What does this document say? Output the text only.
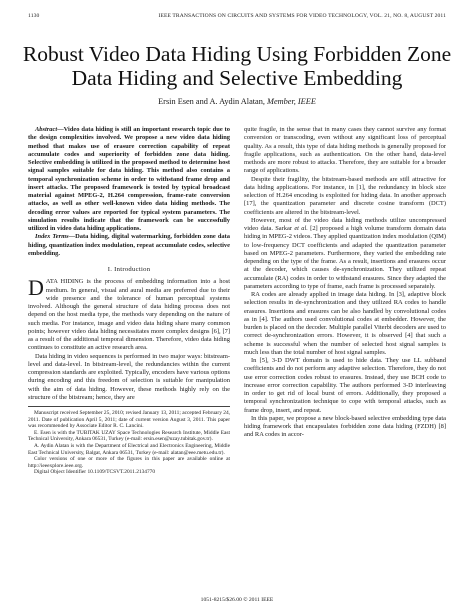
1130	IEEE TRANSACTIONS ON CIRCUITS AND SYSTEMS FOR VIDEO TECHNOLOGY, VOL. 21, NO. 8, AUGUST 2011
Robust Video Data Hiding Using Forbidden Zone
Data Hiding and Selective Embedding
Ersin Esen and A. Aydin Alatan, Member, IEEE

Abstract—Video data hiding is still an important research topic due to the design complexities involved. We propose a new video data hiding method that makes use of erasure correction capability of repeat accumulate codes and superiority of forbidden zone data hiding. Selective embedding is utilized in the proposed method to determine host signal samples suitable for data hiding. This method also contains a temporal synchronization scheme in order to withstand frame drop and insert attacks. The proposed framework is tested by typical broadcast material against MPEG-2, H.264 compression, frame-rate conversion attacks, as well as other well-known video data hiding methods. The decoding error values are reported for typical system parameters. The simulation results indicate that the framework can be successfully utilized in video data hiding applications.

Index Terms—Data hiding, digital watermarking, forbidden zone data hiding, quantization index modulation, repeat accumulate codes, selective embedding.

I. Introduction

DATA HIDING is the process of embedding information into a host medium. In general, visual and aural media are preferred due to their wide presence and the tolerance of human perceptual systems involved. Although the general structure of data hiding process does not depend on the host media type, the methods vary depending on the nature of such media. For instance, image and video data hiding share many common points; however video data hiding necessitates more complex designs [6], [7] as a result of the additional temporal dimension. Therefore, video data hiding continues to constitute an active research area.

Data hiding in video sequences is performed in two major ways: bitstream-level and data-level. In bitstream-level, the redundancies within the current compression standards are exploited. Typically, encoders have various options during encoding and this freedom of selection is suitable for manipulation with the aim of data hiding. However, these methods highly rely on the structure of the bitstream; hence, they are

Manuscript received September 25, 2010; revised January 13, 2011; accepted February 24, 2011. Date of publication April 5, 2011; date of current version August 3, 2011. This paper was recommended by Associate Editor R. C. Lancini.

E. Esen is with the TUBITAK UZAY Space Technologies Research Institute, Middle East Technical University, Ankara 06531, Turkey (e-mail: ersin.esen@uzay.tubitak.gov.tr).

A. Aydin Alatan is with the Department of Electrical and Electronics Engineering, Middle East Technical University, Balgat, Ankara 06531, Turkey (e-mail: alatan@eee.metu.edu.tr).

Color versions of one or more of the figures in this paper are available online at http://ieeexplore.ieee.org.

Digital Object Identifier 10.1109/TCSVT.2011.2134770

quite fragile, in the sense that in many cases they cannot survive any format conversion or transcoding, even without any significant loss of perceptual quality. As a result, this type of data hiding methods is generally proposed for fragile applications, such as authentication. On the other hand, data-level methods are more robust to attacks. Therefore, they are suitable for a broader range of applications.

Despite their fragility, the bitstream-based methods are still attractive for data hiding applications. For instance, in [1], the redundancy in block size selection of H.264 encoding is exploited for hiding data. In another approach [17], the quantization parameter and discrete cosine transform (DCT) coefficients are altered in the bitstream-level.

However, most of the video data hiding methods utilize uncompressed video data. Sarkar et al. [2] proposed a high volume transform domain data hiding in MPEG-2 videos. They applied quantization index modulation (QIM) to low-frequency DCT coefficients and adapted the quantization parameter based on MPEG-2 parameters. Furthermore, they varied the embedding rate depending on the type of the frame. As a result, insertions and erasures occur at the decoder, which causes de-synchronization. They utilized repeat accumulate (RA) codes in order to withstand erasures. Since they adapted the parameters according to type of frame, each frame is processed separately.

RA codes are already applied in image data hiding. In [3], adaptive block selection results in de-synchronization and they utilized RA codes to handle erasures. Insertions and erasures can be also handled by convolutional codes as in [4]. The authors used convolutional codes at embedder. However, the burden is placed on the decoder. Multiple parallel Viterbi decoders are used to correct de-synchronization errors. However, it is observed [4] that such a scheme is successful when the number of selected host signal samples is much less than the total number of host signal samples.

In [5], 3-D DWT domain is used to hide data. They use LL subband coefficients and do not perform any adaptive selection. Therefore, they do not use error correction codes robust to erasures. Instead, they use BCH code to increase error correction capability. The authors performed 3-D interleaving in order to get rid of local burst of errors. Additionally, they proposed a temporal synchronization technique to cope with temporal attacks, such as frame drop, insert, and repeat.

In this paper, we propose a new block-based selective embedding type data hiding framework that encapsulates forbidden zone data hiding (FZDH) [8] and RA codes in accor-

1051-8215/$26.00 © 2011 IEEE
